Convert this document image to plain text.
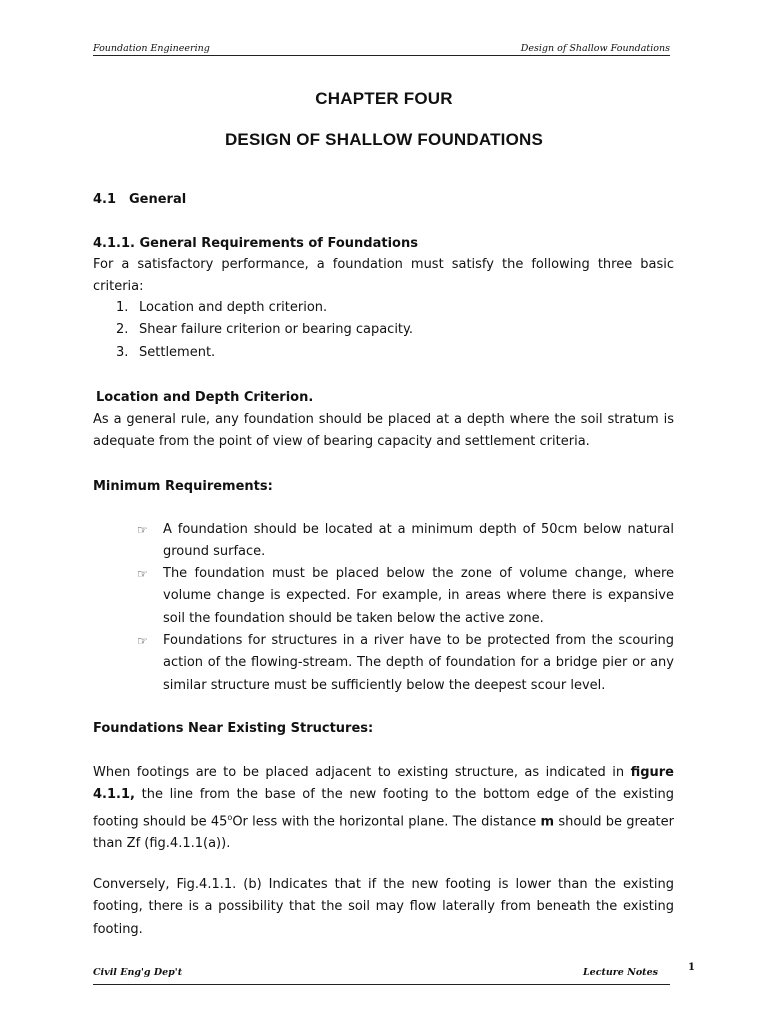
Foundation Engineering	Design of Shallow Foundations
CHAPTER FOUR
DESIGN OF SHALLOW FOUNDATIONS
4.1 General
4.1.1. General Requirements of Foundations
For a satisfactory performance, a foundation must satisfy the following three basic criteria:
1. Location and depth criterion.
2. Shear failure criterion or bearing capacity.
3. Settlement.
Location and Depth Criterion.
As a general rule, any foundation should be placed at a depth where the soil stratum is adequate from the point of view of bearing capacity and settlement criteria.
Minimum Requirements:
☞ A foundation should be located at a minimum depth of 50cm below natural ground surface.
☞ The foundation must be placed below the zone of volume change, where volume change is expected. For example, in areas where there is expansive soil the foundation should be taken below the active zone.
☞ Foundations for structures in a river have to be protected from the scouring action of the flowing-stream. The depth of foundation for a bridge pier or any similar structure must be sufficiently below the deepest scour level.
Foundations Near Existing Structures:
When footings are to be placed adjacent to existing structure, as indicated in figure 4.1.1, the line from the base of the new footing to the bottom edge of the existing footing should be 45$^o$Or less with the horizontal plane. The distance m should be greater than Zf (fig.4.1.1(a)).
Conversely, Fig.4.1.1. (b) Indicates that if the new footing is lower than the existing footing, there is a possibility that the soil may flow laterally from beneath the existing footing.
Civil Eng'g Dep't	Lecture Notes	1
